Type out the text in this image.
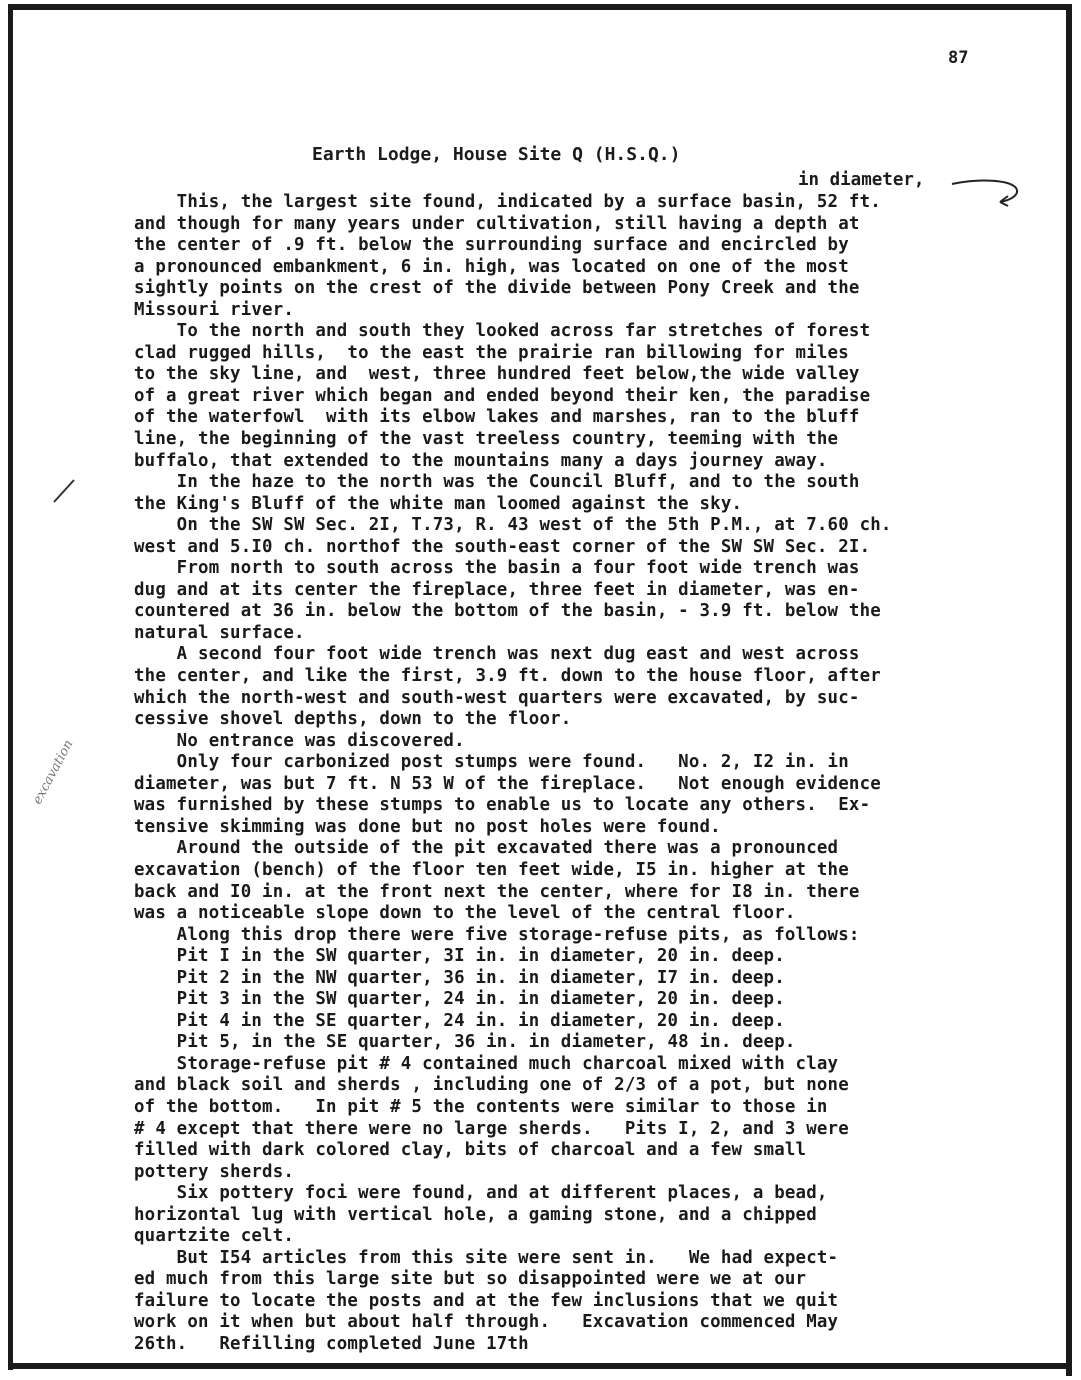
87
Earth Lodge, House Site Q (H.S.Q.)
in diameter,
excavation
This, the largest site found, indicated by a surface basin, 52 ft.
and though for many years under cultivation, still having a depth at
the center of .9 ft. below the surrounding surface and encircled by
a pronounced embankment, 6 in. high, was located on one of the most
sightly points on the crest of the divide between Pony Creek and the
Missouri river.
To the north and south they looked across far stretches of forest
clad rugged hills,  to the east the prairie ran billowing for miles
to the sky line, and  west, three hundred feet below,the wide valley
of a great river which began and ended beyond their ken, the paradise
of the waterfowl  with its elbow lakes and marshes, ran to the bluff
line, the beginning of the vast treeless country, teeming with the
buffalo, that extended to the mountains many a days journey away.
In the haze to the north was the Council Bluff, and to the south
the King's Bluff of the white man loomed against the sky.
On the SW SW Sec. 2I, T.73, R. 43 west of the 5th P.M., at 7.60 ch.
west and 5.I0 ch. northof the south-east corner of the SW SW Sec. 2I.
From north to south across the basin a four foot wide trench was
dug and at its center the fireplace, three feet in diameter, was en-
countered at 36 in. below the bottom of the basin, - 3.9 ft. below the
natural surface.
A second four foot wide trench was next dug east and west across
the center, and like the first, 3.9 ft. down to the house floor, after
which the north-west and south-west quarters were excavated, by suc-
cessive shovel depths, down to the floor.
No entrance was discovered.
Only four carbonized post stumps were found.   No. 2, I2 in. in
diameter, was but 7 ft. N 53 W of the fireplace.   Not enough evidence
was furnished by these stumps to enable us to locate any others.  Ex-
tensive skimming was done but no post holes were found.
Around the outside of the pit excavated there was a pronounced
excavation (bench) of the floor ten feet wide, I5 in. higher at the
back and I0 in. at the front next the center, where for I8 in. there
was a noticeable slope down to the level of the central floor.
Along this drop there were five storage-refuse pits, as follows:
Pit I in the SW quarter, 3I in. in diameter, 20 in. deep.
Pit 2 in the NW quarter, 36 in. in diameter, I7 in. deep.
Pit 3 in the SW quarter, 24 in. in diameter, 20 in. deep.
Pit 4 in the SE quarter, 24 in. in diameter, 20 in. deep.
Pit 5, in the SE quarter, 36 in. in diameter, 48 in. deep.
Storage-refuse pit # 4 contained much charcoal mixed with clay
and black soil and sherds , including one of 2/3 of a pot, but none
of the bottom.   In pit # 5 the contents were similar to those in
# 4 except that there were no large sherds.   Pits I, 2, and 3 were
filled with dark colored clay, bits of charcoal and a few small
pottery sherds.
Six pottery foci were found, and at different places, a bead,
horizontal lug with vertical hole, a gaming stone, and a chipped
quartzite celt.
But I54 articles from this site were sent in.   We had expect-
ed much from this large site but so disappointed were we at our
failure to locate the posts and at the few inclusions that we quit
work on it when but about half through.   Excavation commenced May
26th.   Refilling completed June 17th
